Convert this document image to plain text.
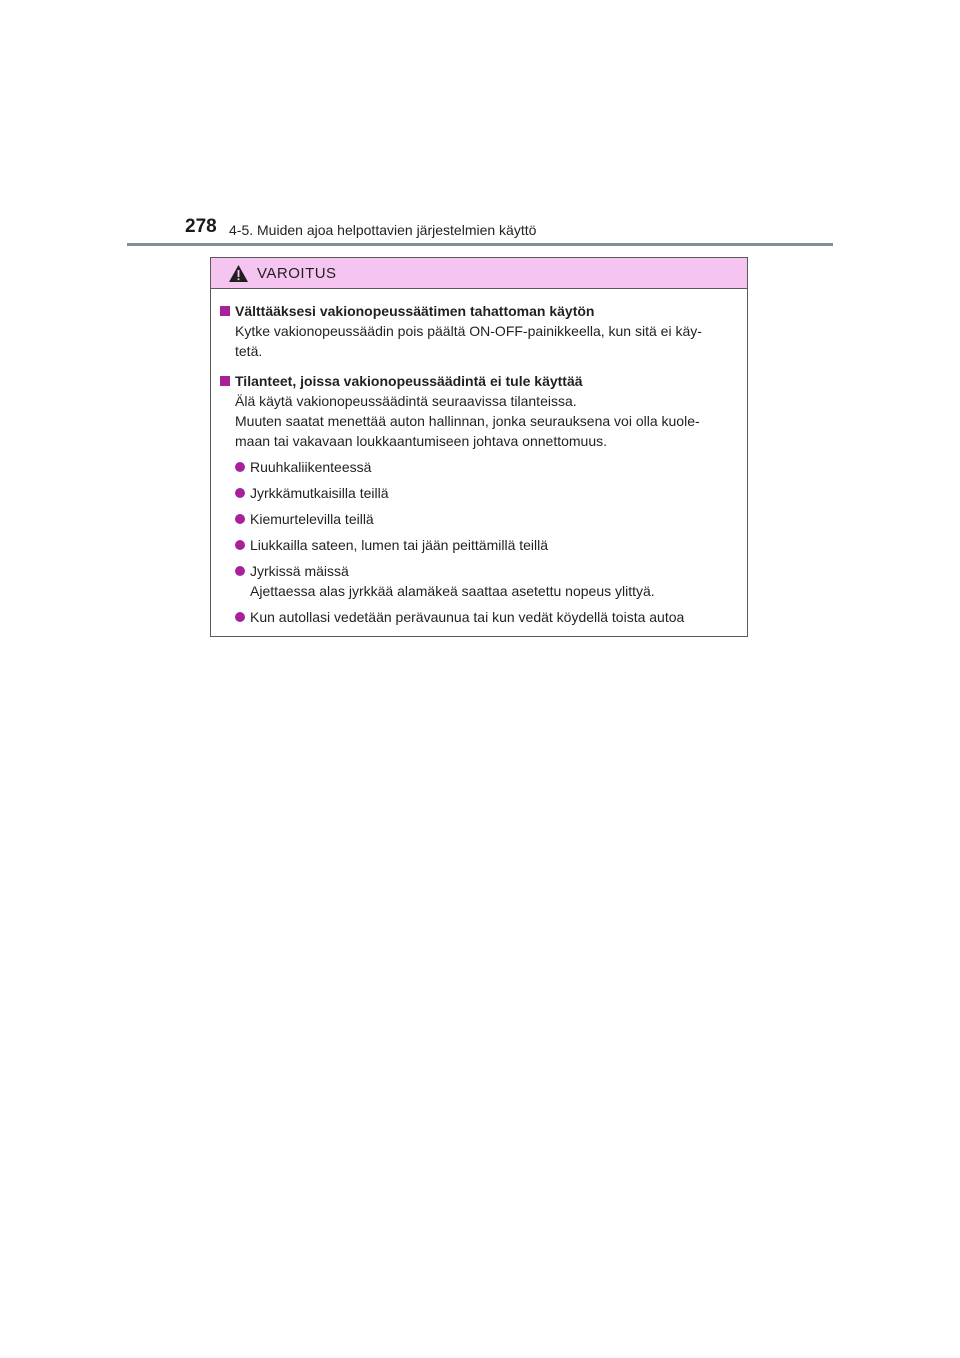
278 4-5. Muiden ajoa helpottavien järjestelmien käyttö
VAROITUS
Välttääksesi vakionopeussäätimen tahattoman käytön

Kytke vakionopeussäädin pois päältä ON-OFF-painikkeella, kun sitä ei käy-

tetä.

Tilanteet, joissa vakionopeussäädintä ei tule käyttää

Älä käytä vakionopeussäädintä seuraavissa tilanteissa.

Muuten saatat menettää auton hallinnan, jonka seurauksena voi olla kuole-

maan tai vakavaan loukkaantumiseen johtava onnettomuus.

Ruuhkaliikenteessä
Jyrkkämutkaisilla teillä
Kiemurtelevilla teillä
Liukkailla sateen, lumen tai jään peittämillä teillä
Jyrkissä mäissä
Ajettaessa alas jyrkkää alamäkeä saattaa asetettu nopeus ylittyä.
Kun autollasi vedetään perävaunua tai kun vedät köydellä toista autoa
